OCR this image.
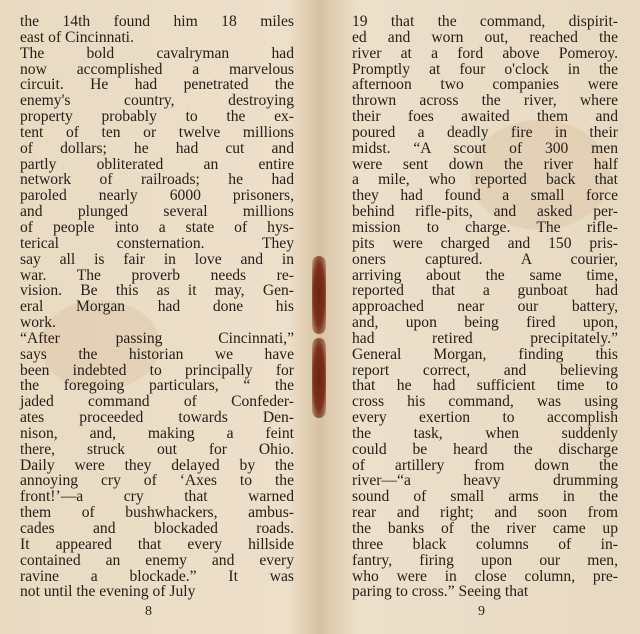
the 14th found him 18 miles
east of Cincinnati.
The bold cavalryman had
now accomplished a marvelous
circuit. He had penetrated the
enemy's country, destroying
property probably to the ex-
tent of ten or twelve millions
of dollars; he had cut and
partly obliterated an entire
network of railroads; he had
paroled nearly 6000 prisoners,
and plunged several millions
of people into a state of hys-
terical consternation. They
say all is fair in love and in
war. The proverb needs re-
vision. Be this as it may, Gen-
eral Morgan had done his
work.
“After passing Cincinnati,”
says the historian we have
been indebted to principally for
the foregoing particulars, “ the
jaded command of Confeder-
ates proceeded towards Den-
nison, and, making a feint
there, struck out for Ohio.
Daily were they delayed by the
annoying cry of ‘Axes to the
front!’—a cry that warned
them of bushwhackers, ambus-
cades and blockaded roads.
It appeared that every hillside
contained an enemy and every
ravine a blockade.” It was
not until the evening of July
19 that the command, dispirit-
ed and worn out, reached the
river at a ford above Pomeroy.
Promptly at four o'clock in the
afternoon two companies were
thrown across the river, where
their foes awaited them and
poured a deadly fire in their
midst. “A scout of 300 men
were sent down the river half
a mile, who reported back that
they had found a small force
behind rifle-pits, and asked per-
mission to charge. The rifle-
pits were charged and 150 pris-
oners captured. A courier,
arriving about the same time,
reported that a gunboat had
approached near our battery,
and, upon being fired upon,
had retired precipitately.”
General Morgan, finding this
report correct, and believing
that he had sufficient time to
cross his command, was using
every exertion to accomplish
the task, when suddenly
could be heard the discharge
of artillery from down the
river—“a heavy drumming
sound of small arms in the
rear and right; and soon from
the banks of the river came up
three black columns of in-
fantry, firing upon our men,
who were in close column, pre-
paring to cross.” Seeing that
8	9
